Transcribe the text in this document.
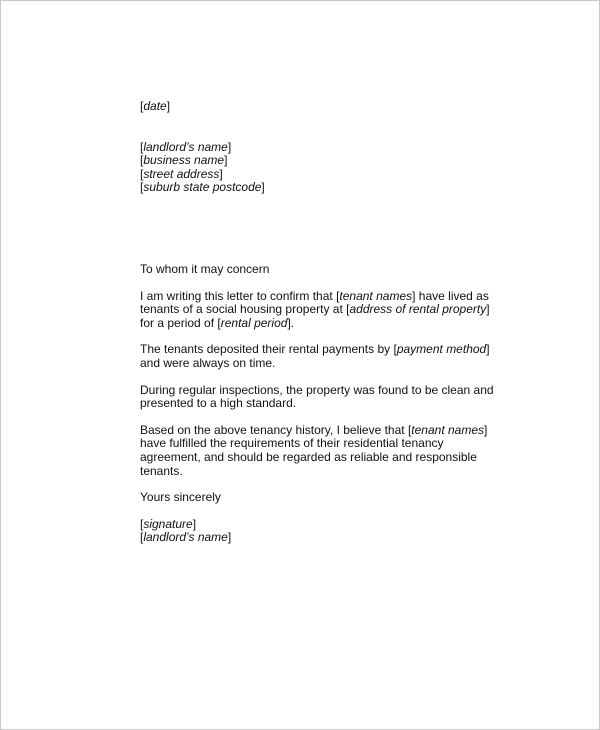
[date]
[landlord’s name]
[business name]
[street address]
[suburb state postcode]
To whom it may concern
I am writing this letter to confirm that [tenant names] have lived as
tenants of a social housing property at [address of rental property]
for a period of [rental period].
The tenants deposited their rental payments by [payment method]
and were always on time.
During regular inspections, the property was found to be clean and
presented to a high standard.
Based on the above tenancy history, I believe that [tenant names]
have fulfilled the requirements of their residential tenancy
agreement, and should be regarded as reliable and responsible
tenants.
Yours sincerely
[signature]
[landlord’s name]
